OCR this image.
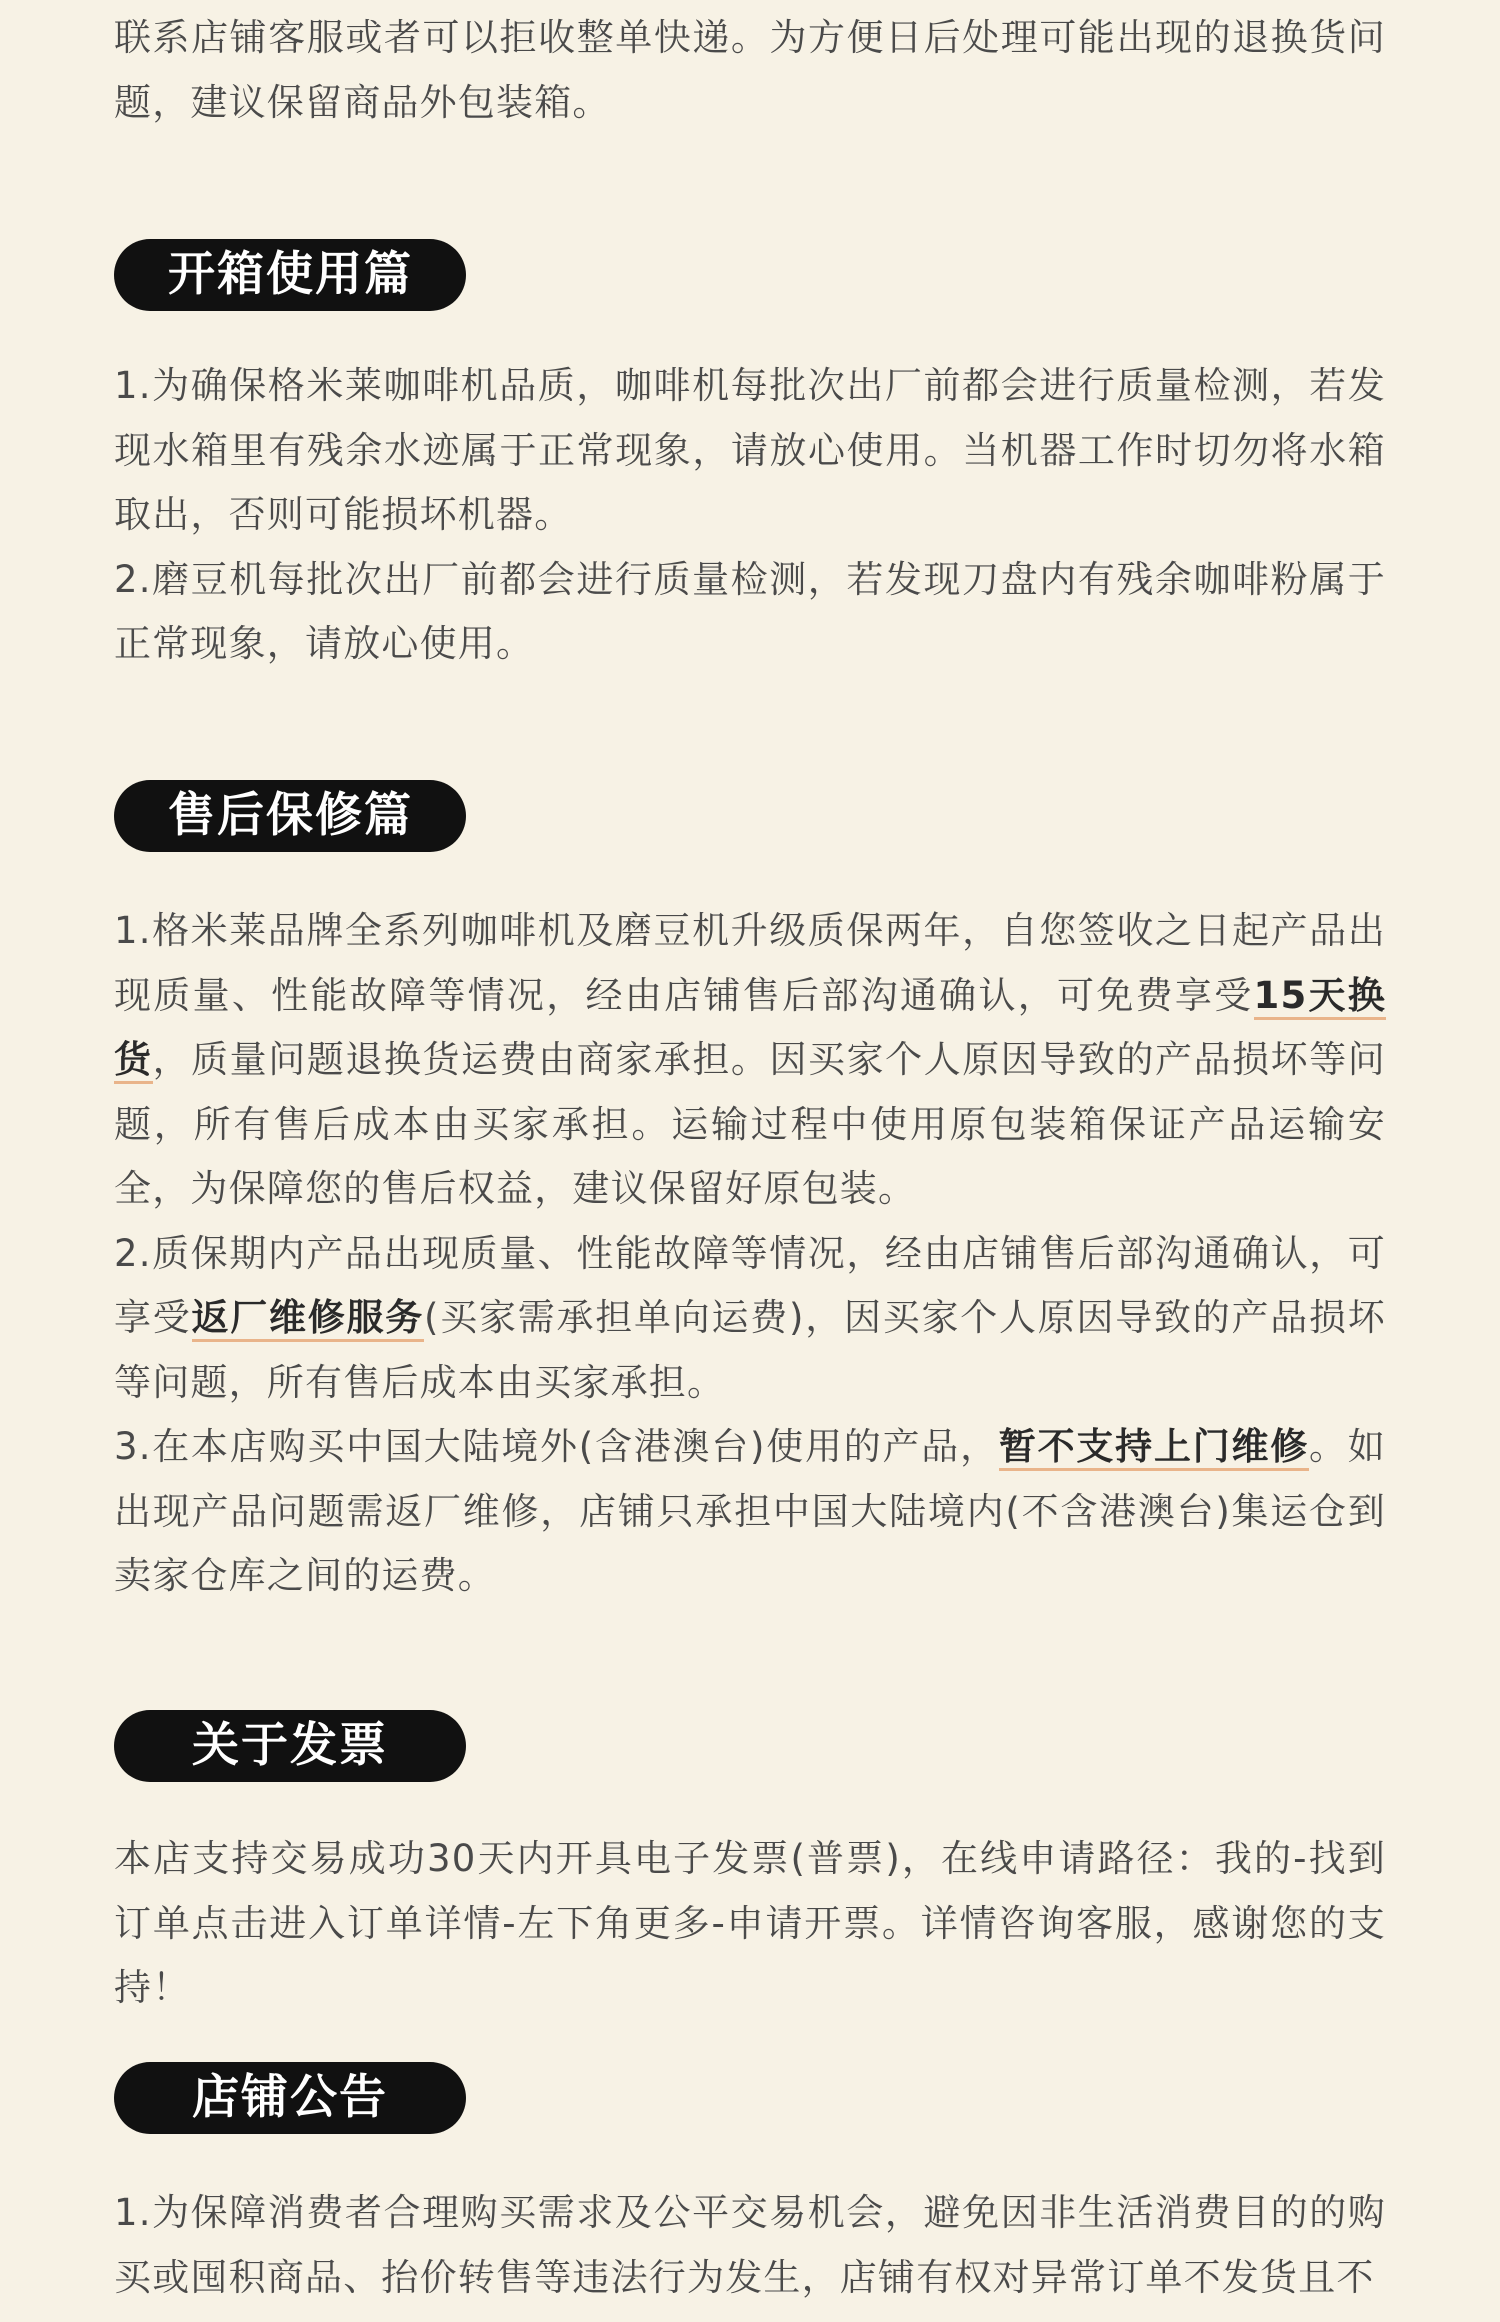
联系店铺客服或者可以拒收整单快递。为方便日后处理可能出现的退换货问题，建议保留商品外包装箱。

开箱使用篇

1.为确保格米莱咖啡机品质，咖啡机每批次出厂前都会进行质量检测，若发现水箱里有残余水迹属于正常现象，请放心使用。当机器工作时切勿将水箱取出，否则可能损坏机器。

2.磨豆机每批次出厂前都会进行质量检测，若发现刀盘内有残余咖啡粉属于正常现象，请放心使用。

售后保修篇

1.格米莱品牌全系列咖啡机及磨豆机升级质保两年，自您签收之日起产品出现质量、性能故障等情况，经由店铺售后部沟通确认，可免费享受15天换货，质量问题退换货运费由商家承担。因买家个人原因导致的产品损坏等问题，所有售后成本由买家承担。运输过程中使用原包装箱保证产品运输安全，为保障您的售后权益，建议保留好原包装。

2.质保期内产品出现质量、性能故障等情况，经由店铺售后部沟通确认，可享受返厂维修服务(买家需承担单向运费)，因买家个人原因导致的产品损坏等问题，所有售后成本由买家承担。

3.在本店购买中国大陆境外(含港澳台)使用的产品，暂不支持上门维修。如出现产品问题需返厂维修，店铺只承担中国大陆境内(不含港澳台)集运仓到卖家仓库之间的运费。

关于发票

本店支持交易成功30天内开具电子发票(普票)，在线申请路径：我的-找到订单点击进入订单详情-左下角更多-申请开票。详情咨询客服，感谢您的支持！

店铺公告

1.为保障消费者合理购买需求及公平交易机会，避免因非生活消费目的的购买或囤积商品、抬价转售等违法行为发生，店铺有权对异常订单不发货且不
